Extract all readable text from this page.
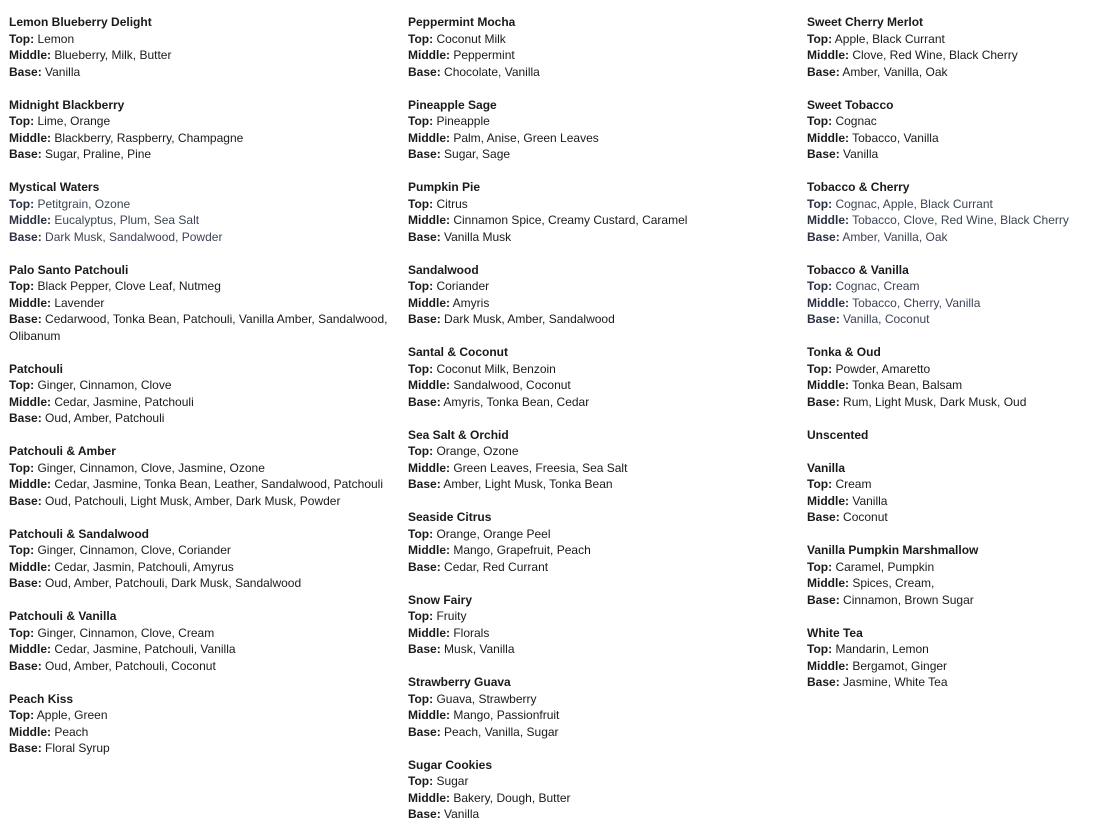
Lemon Blueberry Delight
Top: Lemon
Middle: Blueberry, Milk, Butter
Base: Vanilla
Midnight Blackberry
Top: Lime, Orange
Middle: Blackberry, Raspberry, Champagne
Base: Sugar, Praline, Pine
Mystical Waters
Top: Petitgrain, Ozone
Middle: Eucalyptus, Plum, Sea Salt
Base: Dark Musk, Sandalwood, Powder
Palo Santo Patchouli
Top: Black Pepper, Clove Leaf, Nutmeg
Middle: Lavender
Base: Cedarwood, Tonka Bean, Patchouli, Vanilla Amber, Sandalwood, Olibanum
Patchouli
Top: Ginger, Cinnamon, Clove
Middle: Cedar, Jasmine, Patchouli
Base: Oud, Amber, Patchouli
Patchouli & Amber
Top: Ginger, Cinnamon, Clove, Jasmine, Ozone
Middle: Cedar, Jasmine, Tonka Bean, Leather, Sandalwood, Patchouli
Base: Oud, Patchouli, Light Musk, Amber, Dark Musk, Powder
Patchouli & Sandalwood
Top: Ginger, Cinnamon, Clove, Coriander
Middle: Cedar, Jasmin, Patchouli, Amyrus
Base: Oud, Amber, Patchouli, Dark Musk, Sandalwood
Patchouli & Vanilla
Top: Ginger, Cinnamon, Clove, Cream
Middle: Cedar, Jasmine, Patchouli, Vanilla
Base: Oud, Amber, Patchouli, Coconut
Peach Kiss
Top: Apple, Green
Middle: Peach
Base: Floral Syrup
Peppermint Mocha
Top: Coconut Milk
Middle: Peppermint
Base: Chocolate, Vanilla
Pineapple Sage
Top: Pineapple
Middle: Palm, Anise, Green Leaves
Base: Sugar, Sage
Pumpkin Pie
Top: Citrus
Middle: Cinnamon Spice, Creamy Custard, Caramel
Base: Vanilla Musk
Sandalwood
Top: Coriander
Middle: Amyris
Base: Dark Musk, Amber, Sandalwood
Santal & Coconut
Top: Coconut Milk, Benzoin
Middle: Sandalwood, Coconut
Base: Amyris, Tonka Bean, Cedar
Sea Salt & Orchid
Top: Orange, Ozone
Middle: Green Leaves, Freesia, Sea Salt
Base: Amber, Light Musk, Tonka Bean
Seaside Citrus
Top: Orange, Orange Peel
Middle: Mango, Grapefruit, Peach
Base: Cedar, Red Currant
Snow Fairy
Top: Fruity
Middle: Florals
Base: Musk, Vanilla
Strawberry Guava
Top: Guava, Strawberry
Middle: Mango, Passionfruit
Base: Peach, Vanilla, Sugar
Sugar Cookies
Top: Sugar
Middle: Bakery, Dough, Butter
Base: Vanilla
Sweet Cherry Merlot
Top: Apple, Black Currant
Middle: Clove, Red Wine, Black Cherry
Base: Amber, Vanilla, Oak
Sweet Tobacco
Top: Cognac
Middle: Tobacco, Vanilla
Base: Vanilla
Tobacco & Cherry
Top: Cognac, Apple, Black Currant
Middle: Tobacco, Clove, Red Wine, Black Cherry
Base: Amber, Vanilla, Oak
Tobacco & Vanilla
Top: Cognac, Cream
Middle: Tobacco, Cherry, Vanilla
Base: Vanilla, Coconut
Tonka & Oud
Top: Powder, Amaretto
Middle: Tonka Bean, Balsam
Base: Rum, Light Musk, Dark Musk, Oud
Unscented
Vanilla
Top: Cream
Middle: Vanilla
Base: Coconut
Vanilla Pumpkin Marshmallow
Top: Caramel, Pumpkin
Middle: Spices, Cream,
Base: Cinnamon, Brown Sugar
White Tea
Top: Mandarin, Lemon
Middle: Bergamot, Ginger
Base: Jasmine, White Tea
